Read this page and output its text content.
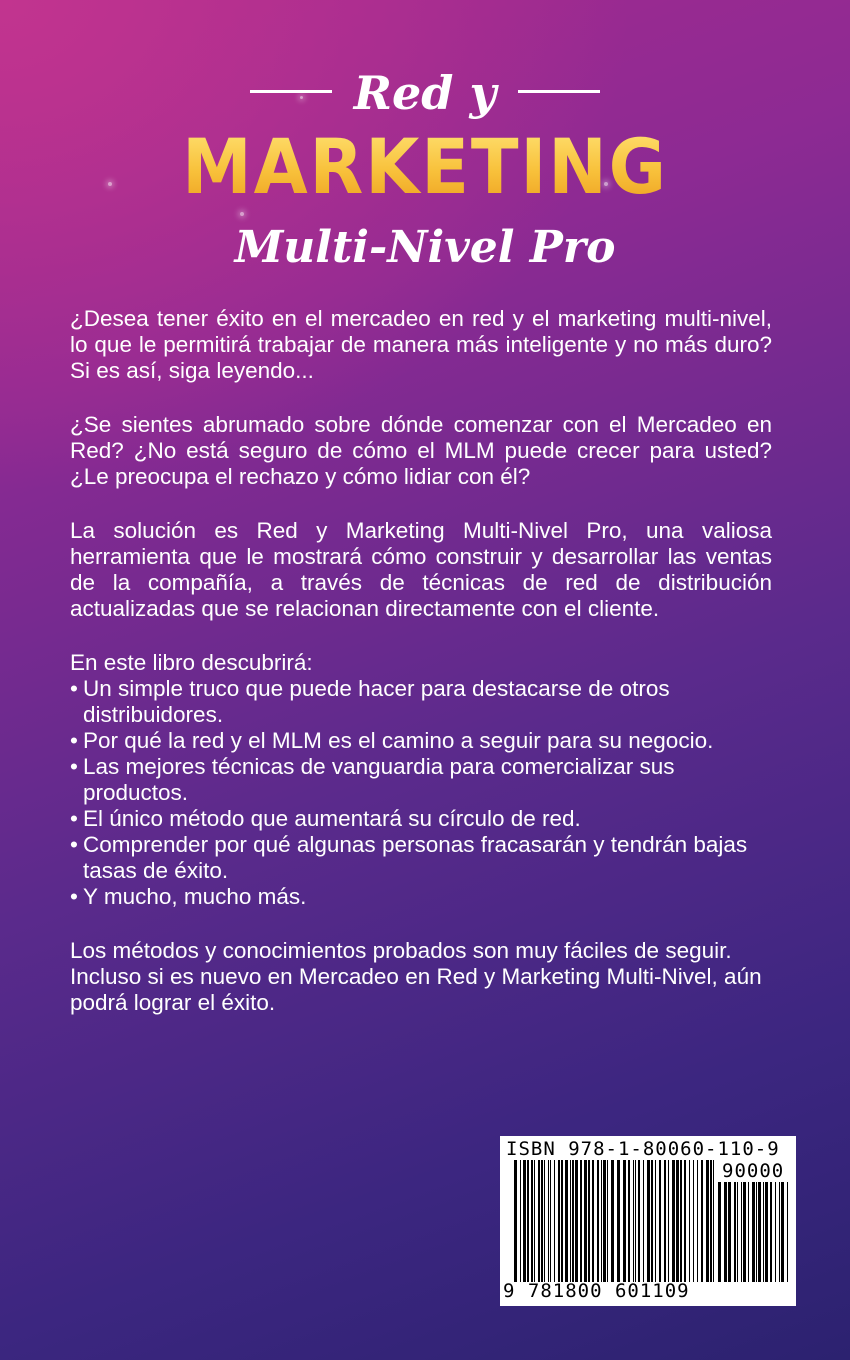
Red y
MARKETING
Multi-Nivel Pro

¿Desea tener éxito en el mercadeo en red y el marketing multi-nivel, lo que le permitirá trabajar de manera más inteligente y no más duro? Si es así, siga leyendo...

¿Se sientes abrumado sobre dónde comenzar con el Mercadeo en Red? ¿No está seguro de cómo el MLM puede crecer para usted? ¿Le preocupa el rechazo y cómo lidiar con él?

La solución es Red y Marketing Multi-Nivel Pro, una valiosa herramienta que le mostrará cómo construir y desarrollar las ventas de la compañía, a través de técnicas de red de distribución actualizadas que se relacionan directamente con el cliente.

En este libro descubrirá:

• Un simple truco que puede hacer para destacarse de otros distribuidores.
• Por qué la red y el MLM es el camino a seguir para su negocio.
• Las mejores técnicas de vanguardia para comercializar sus productos.
• El único método que aumentará su círculo de red.
• Comprender por qué algunas personas fracasarán y tendrán bajas tasas de éxito.
• Y mucho, mucho más.

Los métodos y conocimientos probados son muy fáciles de seguir. Incluso si es nuevo en Mercadeo en Red y Marketing Multi-Nivel, aún podrá lograr el éxito.

ISBN 978-1-80060-110-9
90000
9 781800 601109
